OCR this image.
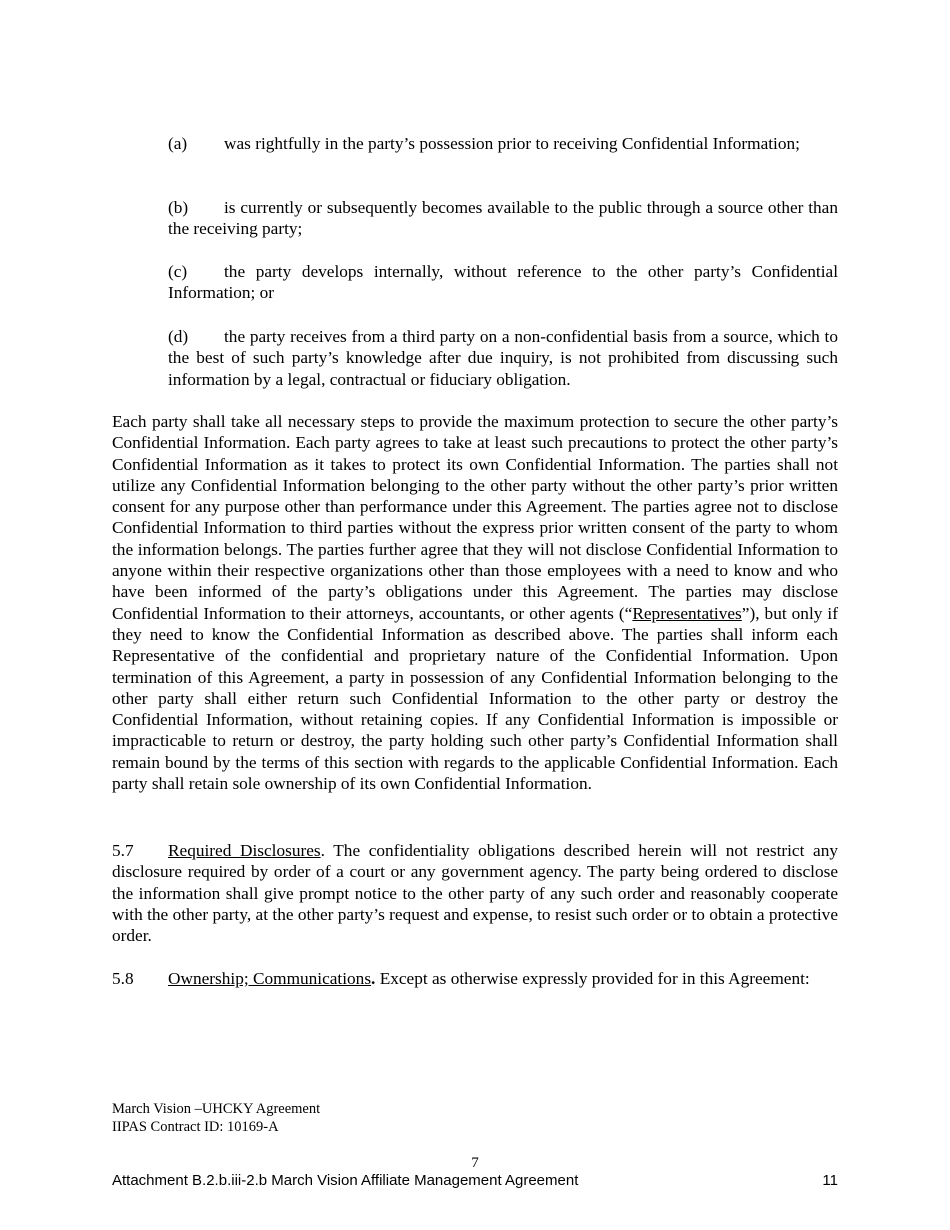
(a) was rightfully in the party’s possession prior to receiving Confidential Information;
(b) is currently or subsequently becomes available to the public through a source other than the receiving party;
(c) the party develops internally, without reference to the other party’s Confidential Information; or
(d) the party receives from a third party on a non-confidential basis from a source, which to the best of such party’s knowledge after due inquiry, is not prohibited from discussing such information by a legal, contractual or fiduciary obligation.
Each party shall take all necessary steps to provide the maximum protection to secure the other party’s Confidential Information. Each party agrees to take at least such precautions to protect the other party’s Confidential Information as it takes to protect its own Confidential Information. The parties shall not utilize any Confidential Information belonging to the other party without the other party’s prior written consent for any purpose other than performance under this Agreement. The parties agree not to disclose Confidential Information to third parties without the express prior written consent of the party to whom the information belongs. The parties further agree that they will not disclose Confidential Information to anyone within their respective organizations other than those employees with a need to know and who have been informed of the party’s obligations under this Agreement. The parties may disclose Confidential Information to their attorneys, accountants, or other agents (“Representatives”), but only if they need to know the Confidential Information as described above. The parties shall inform each Representative of the confidential and proprietary nature of the Confidential Information. Upon termination of this Agreement, a party in possession of any Confidential Information belonging to the other party shall either return such Confidential Information to the other party or destroy the Confidential Information, without retaining copies. If any Confidential Information is impossible or impracticable to return or destroy, the party holding such other party’s Confidential Information shall remain bound by the terms of this section with regards to the applicable Confidential Information. Each party shall retain sole ownership of its own Confidential Information.
5.7 Required Disclosures. The confidentiality obligations described herein will not restrict any disclosure required by order of a court or any government agency. The party being ordered to disclose the information shall give prompt notice to the other party of any such order and reasonably cooperate with the other party, at the other party’s request and expense, to resist such order or to obtain a protective order.
5.8 Ownership; Communications. Except as otherwise expressly provided for in this Agreement:
March Vision –UHCKY Agreement
IIPAS Contract ID: 10169-A
7
Attachment B.2.b.iii-2.b March Vision Affiliate Management Agreement	11
